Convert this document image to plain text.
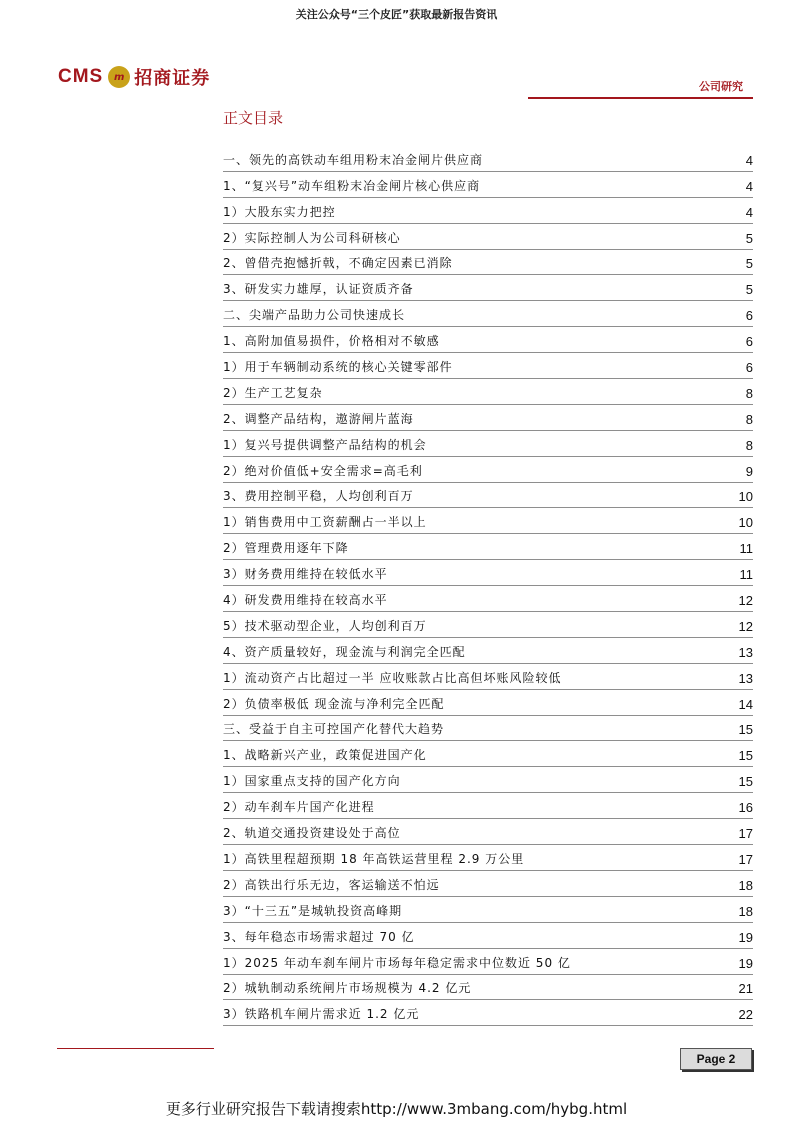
关注公众号“三个皮匠”获取最新报告资讯
CMS	m 招商证券	公司研究
正文目录
一、领先的高铁动车组用粉末冶金闸片供应商	4
1、“复兴号”动车组粉末冶金闸片核心供应商	4
1）大股东实力把控	4
2）实际控制人为公司科研核心	5
2、曾借壳抱憾折戟，不确定因素已消除	5
3、研发实力雄厚，认证资质齐备	5
二、尖端产品助力公司快速成长	6
1、高附加值易损件，价格相对不敏感	6
1）用于车辆制动系统的核心关键零部件	6
2）生产工艺复杂	8
2、调整产品结构，遨游闸片蓝海	8
1）复兴号提供调整产品结构的机会	8
2）绝对价值低+安全需求=高毛利	9
3、费用控制平稳，人均创利百万	10
1）销售费用中工资薪酬占一半以上	10
2）管理费用逐年下降	11
3）财务费用维持在较低水平	11
4）研发费用维持在较高水平	12
5）技术驱动型企业，人均创利百万	12
4、资产质量较好，现金流与利润完全匹配	13
1）流动资产占比超过一半 应收账款占比高但坏账风险较低	13
2）负债率极低 现金流与净利完全匹配	14
三、受益于自主可控国产化替代大趋势	15
1、战略新兴产业，政策促进国产化	15
1）国家重点支持的国产化方向	15
2）动车刹车片国产化进程	16
2、轨道交通投资建设处于高位	17
1）高铁里程超预期 18 年高铁运营里程 2.9 万公里	17
2）高铁出行乐无边，客运输送不怕远	18
3）“十三五”是城轨投资高峰期	18
3、每年稳态市场需求超过 70 亿	19
1）2025 年动车刹车闸片市场每年稳定需求中位数近 50 亿	19
2）城轨制动系统闸片市场规模为 4.2 亿元	21
3）铁路机车闸片需求近 1.2 亿元	22
Page 2
更多行业研究报告下载请搜索http://www.3mbang.com/hybg.html
